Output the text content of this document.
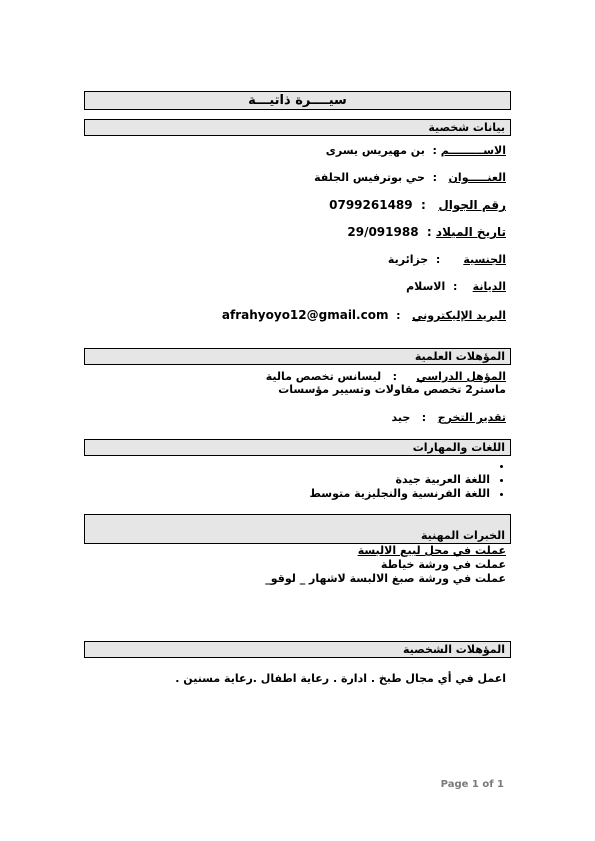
سيــــرة ذاتيـــة
بيانات شخصية
الاســـــــــم :  بن مهيريس يسرى
العنـــــوان   :  حي بوترفيس الجلفة
رقم الجوال   :  0799261489
تاريخ الميلاد :  29/091988
الجنسية      :  جزائرية
الديانة    :  الاسلام
البريد الإليكتروني   :  afrahyoyo12@gmail.com
المؤهلات العلمية
المؤهل الدراسي     :   ليسانس تخصص مالية
ماستر2 تخصص مقاولات وتسيير مؤسسات
تقدير التخرج   :   جيد
اللغات والمهارات
•
• اللغة العربية جيدة
• اللغة الفرنسية والنجليزية متوسط
الخبرات المهنية
عملت في محل لبيع الالبسة
عملت في ورشة خياطة
عملت في ورشة صبغ الالبسة لاشهار _ لوقو_
المؤهلات الشخصية
اعمل في أي مجال طبخ . ادارة . رعاية اطفال .رعاية مسنين .
Page 1 of 1
